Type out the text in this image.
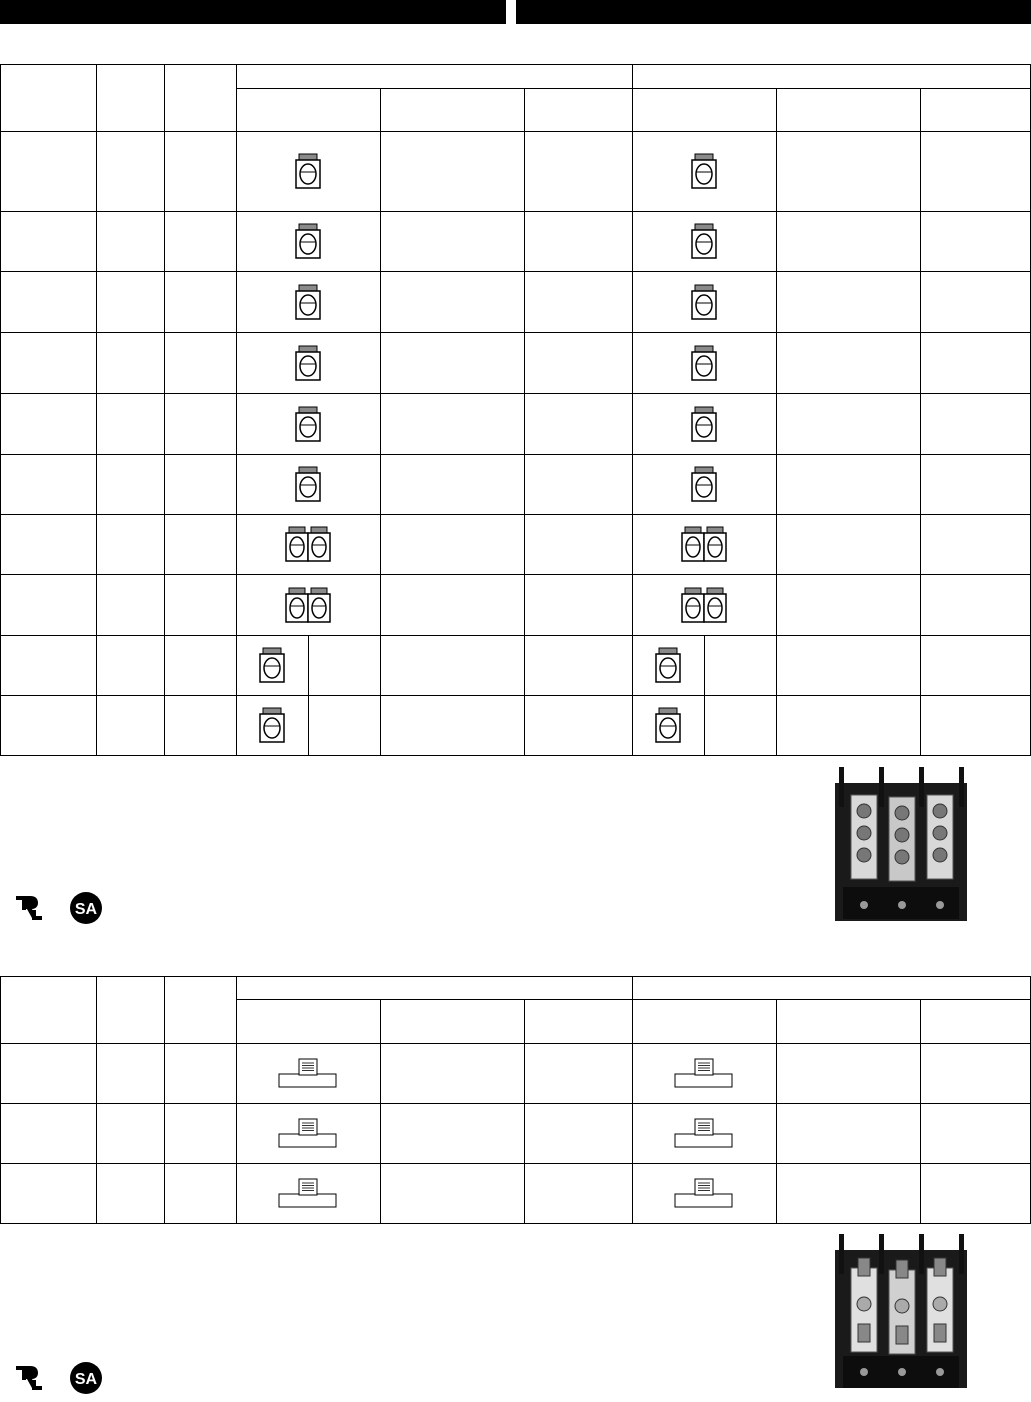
SA
SA
